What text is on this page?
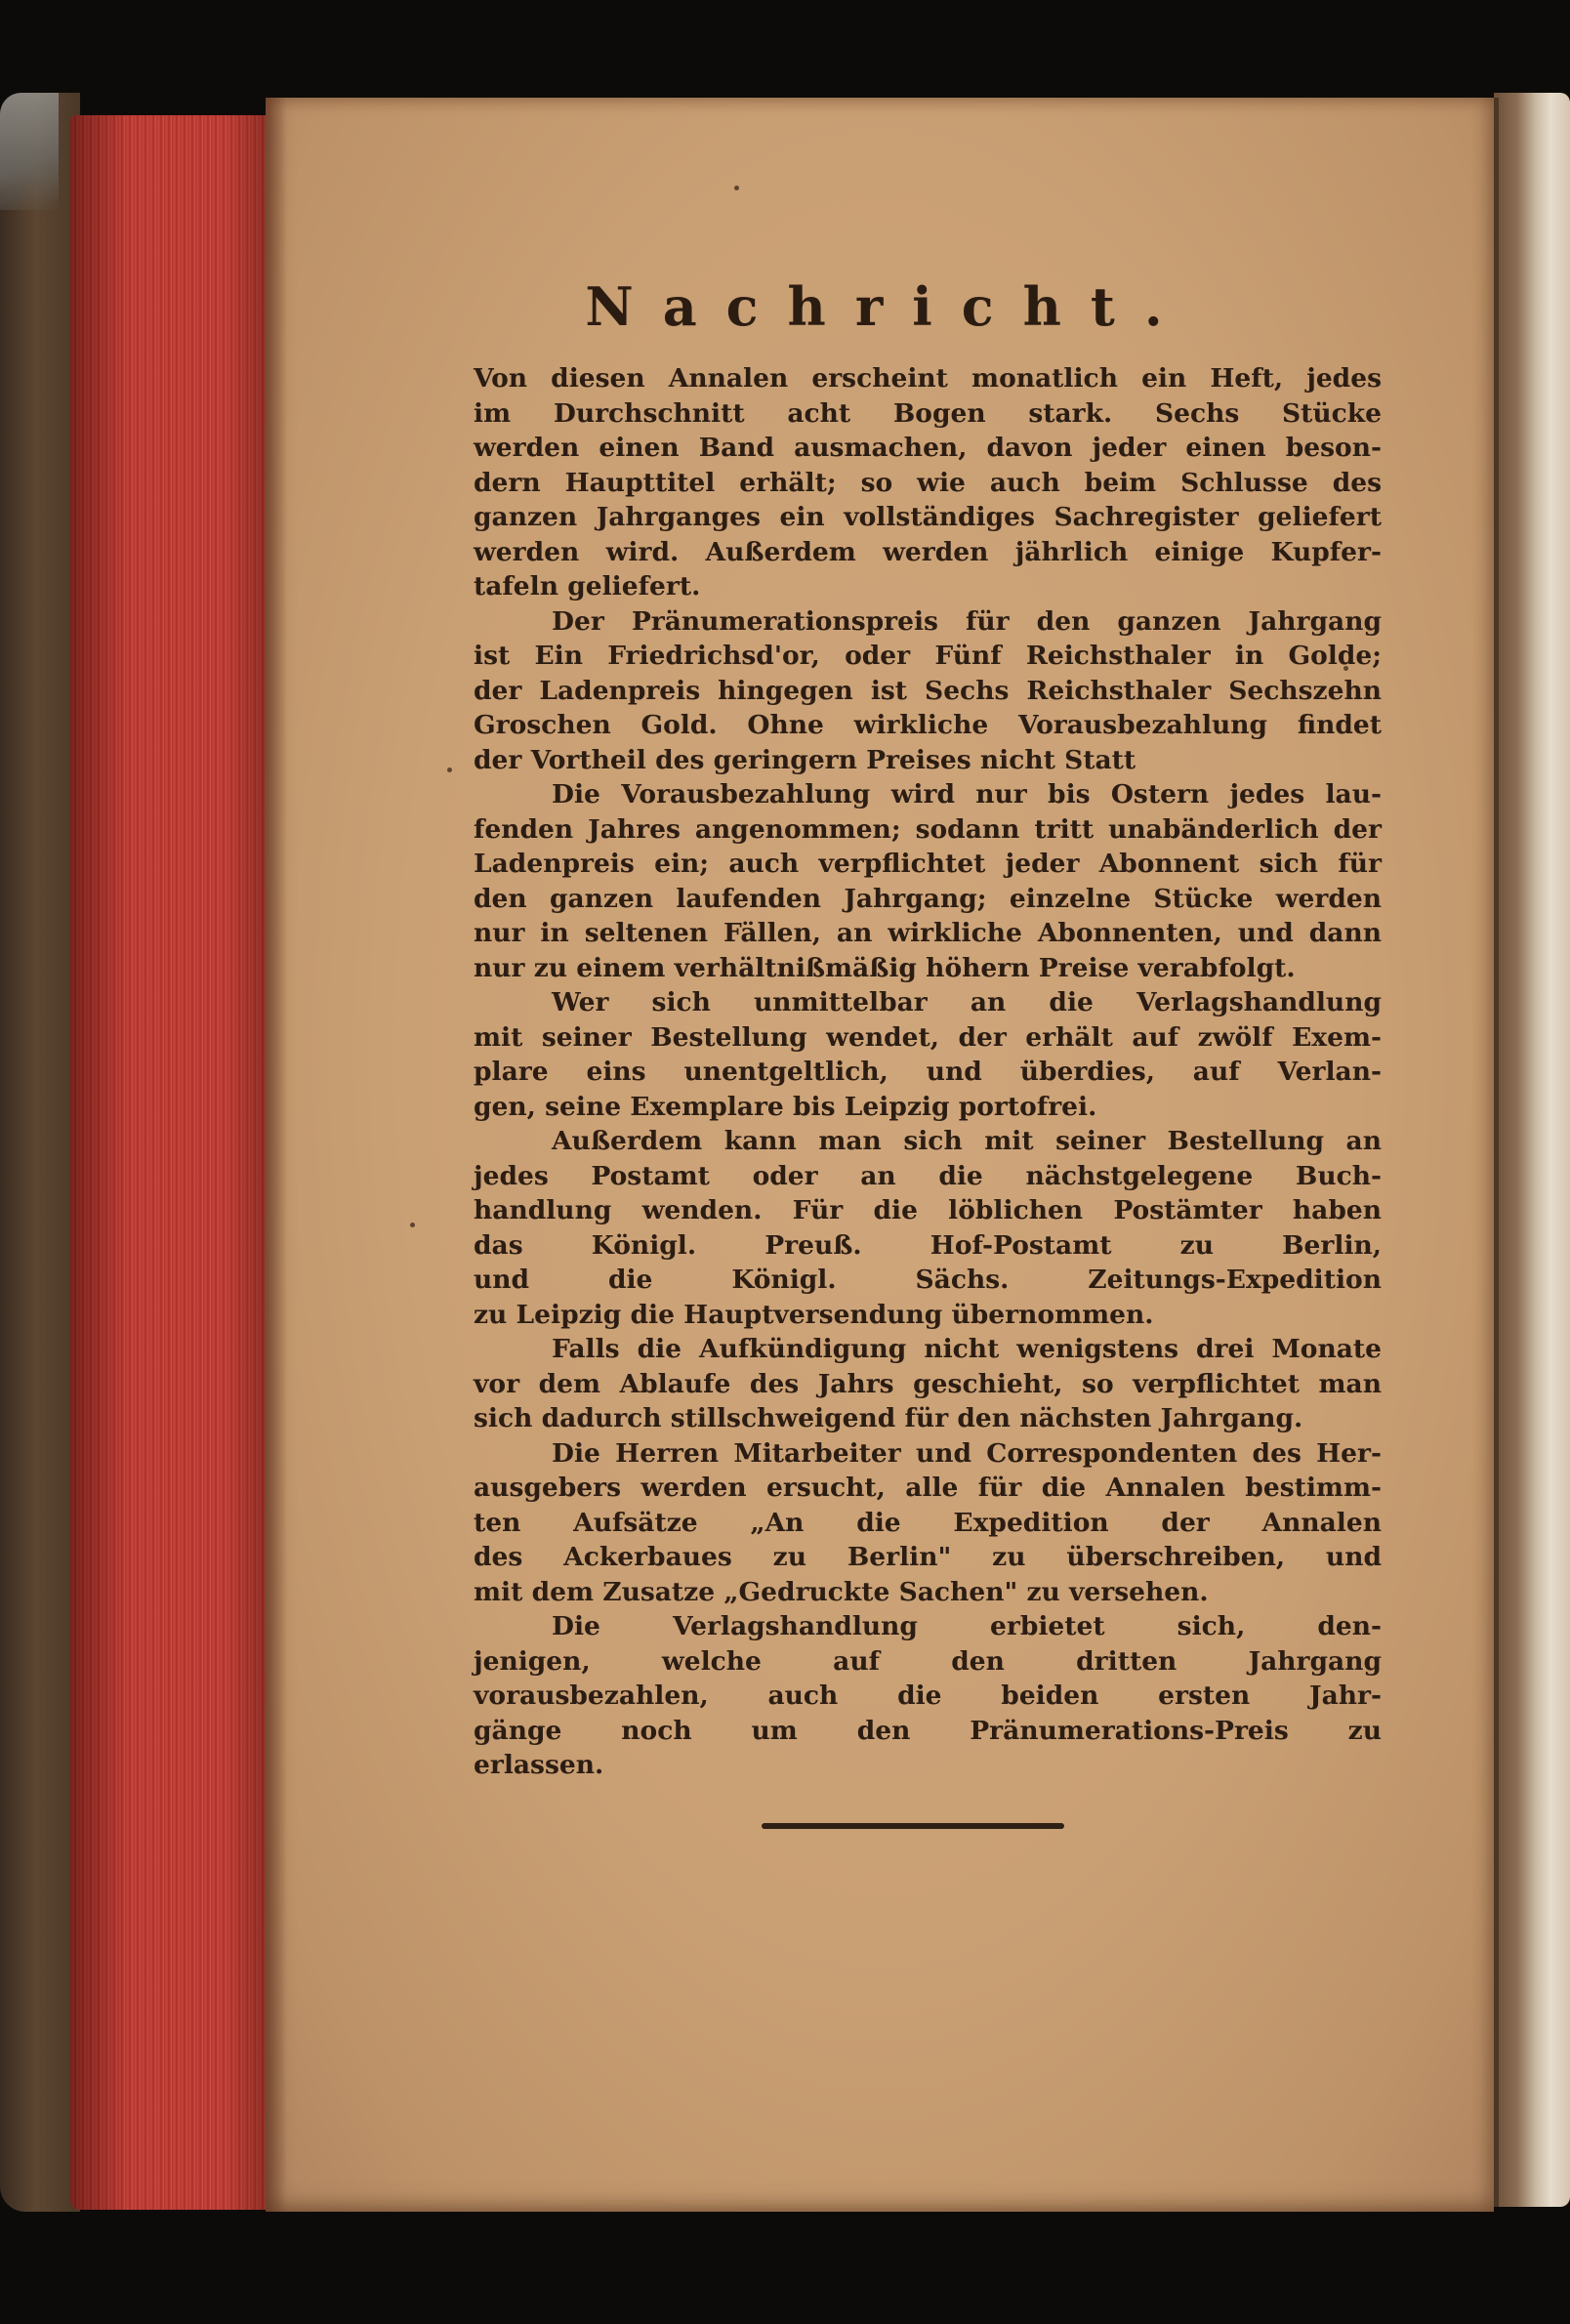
Nachricht.
Von diesen Annalen erscheint monatlich ein Heft, jedes
im Durchschnitt acht Bogen stark. Sechs Stücke
werden einen Band ausmachen, davon jeder einen beson-
dern Haupttitel erhält; so wie auch beim Schlusse des
ganzen Jahrganges ein vollständiges Sachregister geliefert
werden wird. Außerdem werden jährlich einige Kupfer-
tafeln geliefert.
Der Pränumerationspreis für den ganzen Jahrgang
ist Ein Friedrichsd'or, oder Fünf Reichsthaler in Golde;
der Ladenpreis hingegen ist Sechs Reichsthaler Sechszehn
Groschen Gold. Ohne wirkliche Vorausbezahlung findet
der Vortheil des geringern Preises nicht Statt
Die Vorausbezahlung wird nur bis Ostern jedes lau-
fenden Jahres angenommen; sodann tritt unabänderlich der
Ladenpreis ein; auch verpflichtet jeder Abonnent sich für
den ganzen laufenden Jahrgang; einzelne Stücke werden
nur in seltenen Fällen, an wirkliche Abonnenten, und dann
nur zu einem verhältnißmäßig höhern Preise verabfolgt.
Wer sich unmittelbar an die Verlagshandlung
mit seiner Bestellung wendet, der erhält auf zwölf Exem-
plare eins unentgeltlich, und überdies, auf Verlan-
gen, seine Exemplare bis Leipzig portofrei.
Außerdem kann man sich mit seiner Bestellung an
jedes Postamt oder an die nächstgelegene Buch-
handlung wenden. Für die löblichen Postämter haben
das Königl. Preuß. Hof-Postamt zu Berlin,
und die Königl. Sächs. Zeitungs-Expedition
zu Leipzig die Hauptversendung übernommen.
Falls die Aufkündigung nicht wenigstens drei Monate
vor dem Ablaufe des Jahrs geschieht, so verpflichtet man
sich dadurch stillschweigend für den nächsten Jahrgang.
Die Herren Mitarbeiter und Correspondenten des Her-
ausgebers werden ersucht, alle für die Annalen bestimm-
ten Aufsätze „An die Expedition der Annalen
des Ackerbaues zu Berlin" zu überschreiben, und
mit dem Zusatze „Gedruckte Sachen" zu versehen.
Die Verlagshandlung erbietet sich, den-
jenigen, welche auf den dritten Jahrgang
vorausbezahlen, auch die beiden ersten Jahr-
gänge noch um den Pränumerations-Preis zu
erlassen.
